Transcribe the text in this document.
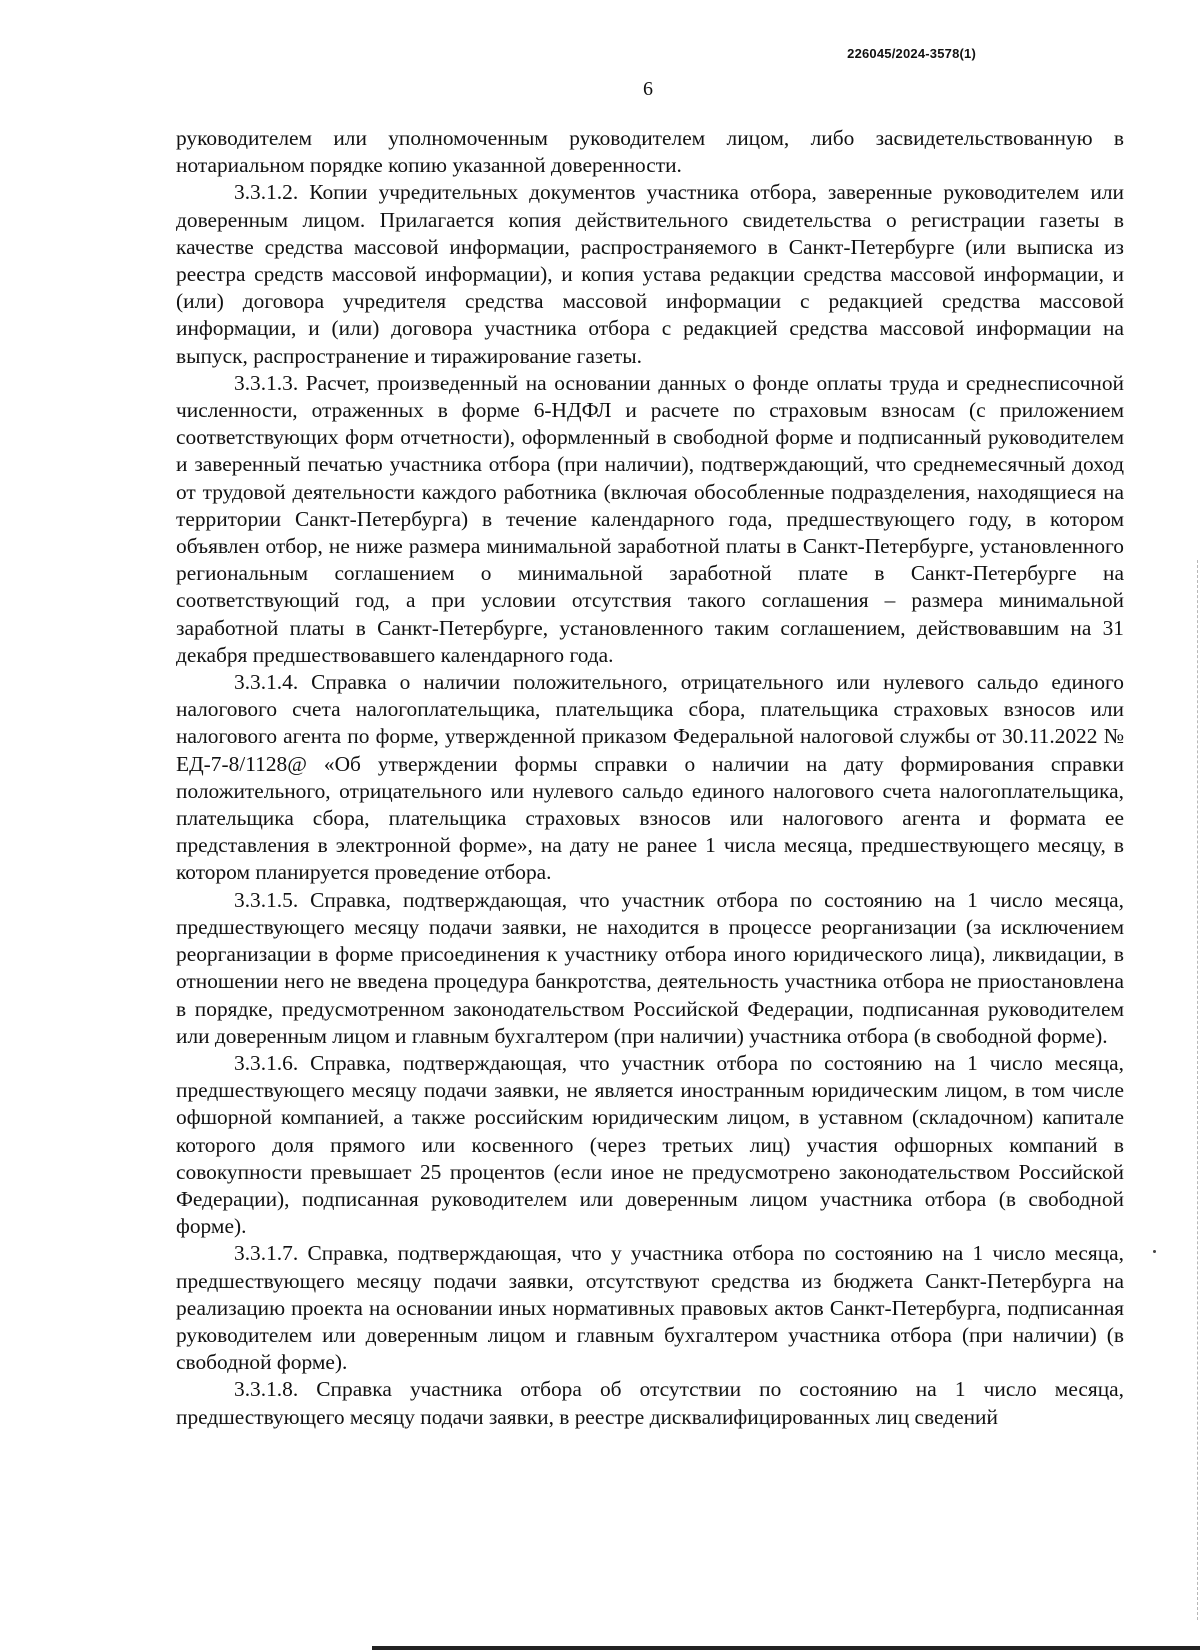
226045/2024-3578(1)
6

руководителем или уполномоченным руководителем лицом, либо засвидетельствованную в нотариальном порядке копию указанной доверенности.

3.3.1.2. Копии учредительных документов участника отбора, заверенные руководителем или доверенным лицом. Прилагается копия действительного свидетельства о регистрации газеты в качестве средства массовой информации, распространяемого в Санкт-Петербурге (или выписка из реестра средств массовой информации), и копия устава редакции средства массовой информации, и (или) договора учредителя средства массовой информации с редакцией средства массовой информации, и (или) договора участника отбора с редакцией средства массовой информации на выпуск, распространение и тиражирование газеты.

3.3.1.3. Расчет, произведенный на основании данных о фонде оплаты труда и среднесписочной численности, отраженных в форме 6-НДФЛ и расчете по страховым взносам (с приложением соответствующих форм отчетности), оформленный в свободной форме и подписанный руководителем и заверенный печатью участника отбора (при наличии), подтверждающий, что среднемесячный доход от трудовой деятельности каждого работника (включая обособленные подразделения, находящиеся на территории Санкт-Петербурга) в течение календарного года, предшествующего году, в котором объявлен отбор, не ниже размера минимальной заработной платы в Санкт-Петербурге, установленного региональным соглашением о минимальной заработной плате в Санкт-Петербурге на соответствующий год, а при условии отсутствия такого соглашения – размера минимальной заработной платы в Санкт-Петербурге, установленного таким соглашением, действовавшим на 31 декабря предшествовавшего календарного года.

3.3.1.4. Справка о наличии положительного, отрицательного или нулевого сальдо единого налогового счета налогоплательщика, плательщика сбора, плательщика страховых взносов или налогового агента по форме, утвержденной приказом Федеральной налоговой службы от 30.11.2022 № ЕД-7-8/1128@ «Об утверждении формы справки о наличии на дату формирования справки положительного, отрицательного или нулевого сальдо единого налогового счета налогоплательщика, плательщика сбора, плательщика страховых взносов или налогового агента и формата ее представления в электронной форме», на дату не ранее 1 числа месяца, предшествующего месяцу, в котором планируется проведение отбора.

3.3.1.5. Справка, подтверждающая, что участник отбора по состоянию на 1 число месяца, предшествующего месяцу подачи заявки, не находится в процессе реорганизации (за исключением реорганизации в форме присоединения к участнику отбора иного юридического лица), ликвидации, в отношении него не введена процедура банкротства, деятельность участника отбора не приостановлена в порядке, предусмотренном законодательством Российской Федерации, подписанная руководителем или доверенным лицом и главным бухгалтером (при наличии) участника отбора (в свободной форме).

3.3.1.6. Справка, подтверждающая, что участник отбора по состоянию на 1 число месяца, предшествующего месяцу подачи заявки, не является иностранным юридическим лицом, в том числе офшорной компанией, а также российским юридическим лицом, в уставном (складочном) капитале которого доля прямого или косвенного (через третьих лиц) участия офшорных компаний в совокупности превышает 25 процентов (если иное не предусмотрено законодательством Российской Федерации), подписанная руководителем или доверенным лицом участника отбора (в свободной форме).

3.3.1.7. Справка, подтверждающая, что у участника отбора по состоянию на 1 число месяца, предшествующего месяцу подачи заявки, отсутствуют средства из бюджета Санкт-Петербурга на реализацию проекта на основании иных нормативных правовых актов Санкт-Петербурга, подписанная руководителем или доверенным лицом и главным бухгалтером участника отбора (при наличии) (в свободной форме).

3.3.1.8. Справка участника отбора об отсутствии по состоянию на 1 число месяца, предшествующего месяцу подачи заявки, в реестре дисквалифицированных лиц сведений
